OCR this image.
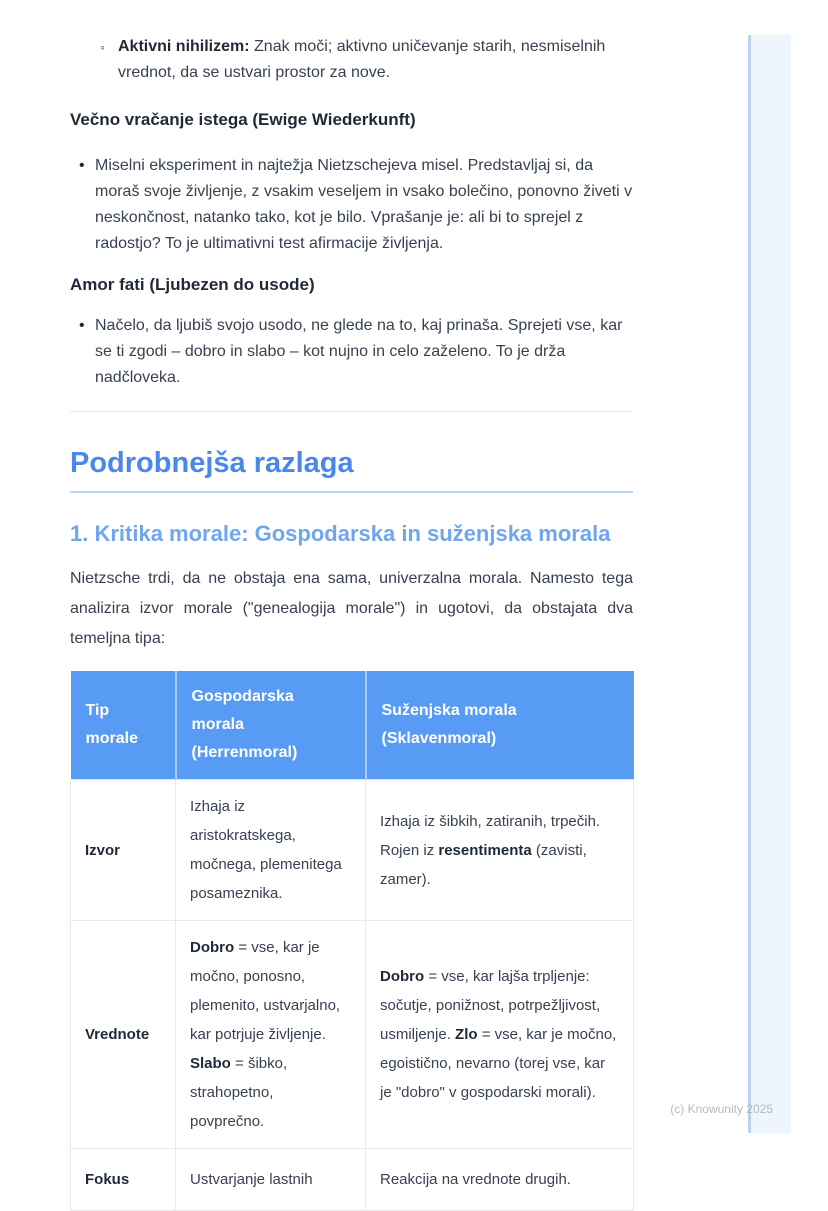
◦ Aktivni nihilizem: Znak moči; aktivno uničevanje starih, nesmiselnih vrednot, da se ustvari prostor za nove.
Večno vračanje istega (Ewige Wiederkunft)
• Miselni eksperiment in najtežja Nietzschejeva misel. Predstavljaj si, da moraš svoje življenje, z vsakim veseljem in vsako bolečino, ponovno živeti v neskončnost, natanko tako, kot je bilo. Vprašanje je: ali bi to sprejel z radostjo? To je ultimativni test afirmacije življenja.
Amor fati (Ljubezen do usode)
• Načelo, da ljubiš svojo usodo, ne glede na to, kaj prinaša. Sprejeti vse, kar se ti zgodi – dobro in slabo – kot nujno in celo zaželeno. To je drža nadčloveka.
Podrobnejša razlaga
1. Kritika morale: Gospodarska in suženjska morala

Nietzsche trdi, da ne obstaja ena sama, univerzalna morala. Namesto tega analizira izvor morale ("genealogija morale") in ugotovi, da obstajata dva temeljna tipa:

Tip morale	Gospodarska morala (Herrenmoral)	Suženjska morala (Sklavenmoral)
Izvor	Izhaja iz aristokratskega, močnega, plemenitega posameznika.	Izhaja iz šibkih, zatiranih, trpečih. Rojen iz resentimenta (zavisti, zamer).
Vrednote	Dobro = vse, kar je močno, ponosno, plemenito, ustvarjalno, kar potrjuje življenje. Slabo = šibko, strahopetno, povprečno.	Dobro = vse, kar lajša trpljenje: sočutje, ponižnost, potrpežljivost, usmiljenje. Zlo = vse, kar je močno, egoistično, nevarno (torej vse, kar je "dobro" v gospodarski morali).
Fokus	Ustvarjanje lastnih	Reakcija na vrednote drugih.
(c) Knowunity 2025
